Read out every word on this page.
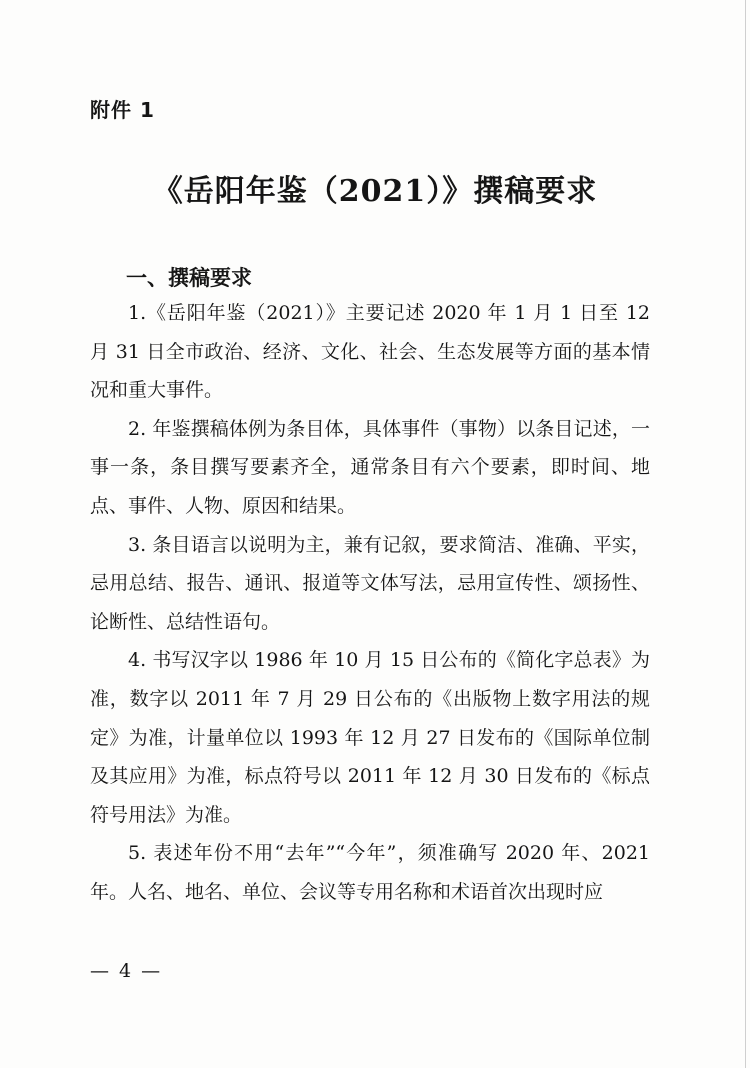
附件 1
《岳阳年鉴（2021）》撰稿要求
一、撰稿要求

1.《岳阳年鉴（2021）》主要记述 2020 年 1 月 1 日至 12 月 31 日全市政治、经济、文化、社会、生态发展等方面的基本情况和重大事件。

2. 年鉴撰稿体例为条目体，具体事件（事物）以条目记述，一事一条，条目撰写要素齐全，通常条目有六个要素，即时间、地点、事件、人物、原因和结果。

3. 条目语言以说明为主，兼有记叙，要求简洁、准确、平实，忌用总结、报告、通讯、报道等文体写法，忌用宣传性、颂扬性、论断性、总结性语句。

4. 书写汉字以 1986 年 10 月 15 日公布的《简化字总表》为准，数字以 2011 年 7 月 29 日公布的《出版物上数字用法的规定》为准，计量单位以 1993 年 12 月 27 日发布的《国际单位制及其应用》为准，标点符号以 2011 年 12 月 30 日发布的《标点符号用法》为准。

5. 表述年份不用“去年”“今年”，须准确写 2020 年、2021 年。人名、地名、单位、会议等专用名称和术语首次出现时应

— 4 —
